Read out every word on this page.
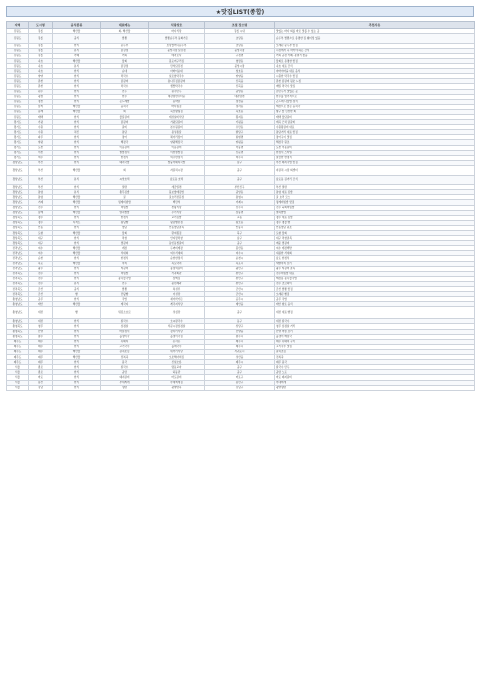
★맛집LIST(종합)
지역	도시명	음식종류	대표메뉴	식당상호	조절 장소명	추천사유
강원도	강릉	해산물	회, 해산물	바다식당	강릉 시내	맛있는 바다 회를 바로 맛볼 수 있는 곳
강원도	강릉	중식	짬뽕	짬뽕순두부 동화가든	초당동	순두부 짬뽕으로 유명한 집 웨이팅 있음
강원도	강릉	한식	순두부	초당할머니순두부	초당동	오래된 순두부 맛집
강원도	강릉	분식	닭강정	중앙시장 닭강정	중앙시장	시장에서 꼭 먹어야 하는 간식
강원도	강릉	카페	커피	테라로사	구정면	커피 공장 카페, 분위기 좋음
강원도	속초	해산물	물회	봉포머구리집	영랑동	물회로 유명한 맛집
강원도	속초	분식	닭강정	만석닭강정	중앙시장	속초 대표 간식
강원도	속초	한식	순대	아바이순대	청호동	아바이마을 대표 음식
강원도	양양	한식	막국수	실로암막국수	양양읍	시원한 막국수 맛집
강원도	춘천	한식	닭갈비	통나무집닭갈비	신북읍	춘천 닭갈비 원조 느낌
강원도	춘천	한식	막국수	샘밭막국수	신북읍	메밀 막국수 맛집
강원도	원주	한식	만두	원주만두	중앙동	손만두가 맛있는 곳
강원도	평창	한식	한우	대관령한우타운	대관령면	한우를 합리적으로
강원도	정선	한식	곤드레밥	동박골	정선읍	곤드레 나물밥 정식
강원도	삼척	해산물	곰치국	바다횟집	정라동	해장으로 좋은 곰치국
강원도	동해	해산물	회	묵호항횟집	묵호동	항구 앞 신선한 회
강원도	태백	한식	물닭갈비	태성실비식당	황지동	태백 물닭갈비
경기도	가평	한식	닭갈비	가평닭갈비	가평읍	계곡 근처 닭갈비
경기도	수원	한식	갈비	본수원갈비	우만동	수원왕갈비 대표
경기도	수원	치킨	통닭	용성통닭	팔달구	통닭거리 대표 맛집
경기도	파주	한식	장어	헤이리장어	탄현면	장어구이 맛집
경기도	양평	한식	해장국	양평해장국	양평읍	해장국 원조
경기도	포천	한식	이동갈비	이동갈비	이동면	포천 이동갈비
경기도	이천	한식	쌀밥정식	이천쌀밥집	신둔면	한정식 스타일
경기도	여주	한식	한정식	여주한정식	여주시	깔끔한 한정식
경상남도	부산	한식	돼지국밥	쌍둥이돼지국밥	남구	부산 돼지국밥 맛집
경상남도	부산	해산물	회	자갈치시장	중구	자갈치 시장 회센터
경상남도	부산	분식	씨앗호떡	남포동 호떡	중구	남포동 길거리 간식
경상남도	부산	한식	밀면	개금밀면	부산진구	부산 밀면
경상남도	통영	분식	충무김밥	뚱보할매김밥	중앙동	통영 대표 김밥
경상남도	통영	해산물	굴	굴요리전문점	통영시	굴 요리 코스
경상남도	거제	해산물	멍게비빔밥	백만석	거제시	멍게비빔밥 맛집
경상남도	진주	한식	비빔밥	천황식당	진주시	진주 육회비빔밥
경상남도	남해	해산물	멸치쌈밥	우리식당	삼동면	멸치쌈밥
경상북도	경주	한식	한정식	교리김밥	교동	경주 대표 김밥
경상북도	경주	디저트	황남빵	황남빵본점	황오동	경주 명물 빵
경상북도	안동	한식	찜닭	안동찜닭골목	안동시	안동찜닭 원조
경상북도	포항	해산물	물회	환여횟집	북구	포항 물회
경상북도	대구	한식	막창	안지랑막창	남구	대구 막창골목
경상북도	대구	한식	찜갈비	동인동찜갈비	중구	매운 찜갈비
전라남도	여수	해산물	게장	두꺼비게장	봉산동	여수 게장백반
전라남도	여수	해산물	서대회	여수서대회	여수시	새콤한 서대회
전라남도	순천	한식	한정식	순천한정식	순천시	남도 한정식
전라남도	목포	해산물	낙지	목포낙지	목포시	세발낙지 요리
전라남도	광주	한식	떡갈비	송정떡갈비	광산구	광주 떡갈비 골목
전라북도	전주	한식	비빔밥	가족회관	완산구	전주비빔밥 대표
전라북도	전주	한식	콩나물국밥	삼백집	완산구	해장용 콩나물국밥
전라북도	전주	분식	만두	풍년제과	완산구	전주 초코파이
전라북도	군산	중식	짬뽕	복성루	군산시	군산 짬뽕 맛집
전라북도	군산	빵	단팥빵	이성당	군산시	오래된 빵집
충청남도	공주	한식	국밥	새이학가든	공주시	공주 국밥
충청남도	태안	해산물	게국지	게국지식당	태안읍	태안 향토 음식
충청남도	대전	빵	튀김소보로	성심당	중구	대전 대표 빵집
충청남도	대전	한식	칼국수	오씨칼국수	동구	대전 칼국수
충청북도	청주	한식	삼겹살	서문시장삼겹살	상당구	청주 삼겹살 거리
충청북도	단양	한식	마늘정식	장다리식당	단양읍	단양 마늘 요리
충청북도	충주	한식	올갱이국	올갱이국집	충주시	올갱이 해장국
제주도	제주	한식	흑돼지	돈사돈	제주시	제주 흑돼지 구이
제주도	제주	한식	고기국수	올래국수	제주시	고기국수 맛집
제주도	제주	해산물	갈치조림	네거리식당	서귀포시	갈치조림
제주도	제주	해산물	전복죽	오조해녀의집	성산읍	전복죽
제주도	제주	한식	몸국	신설오름	제주시	제주 몸국
서울	종로	한식	칼국수	명동교자	중구	칼국수 만두
서울	종로	한식	곰탕	하동관	중구	곰탕 노포
서울	마포	한식	돼지갈비	마포갈비	마포구	마포 돼지갈비
서울	용산	한식	부대찌개	부대찌개집	용산구	부대찌개
서울	강남	한식	냉면	평양면옥	강남구	평양냉면
